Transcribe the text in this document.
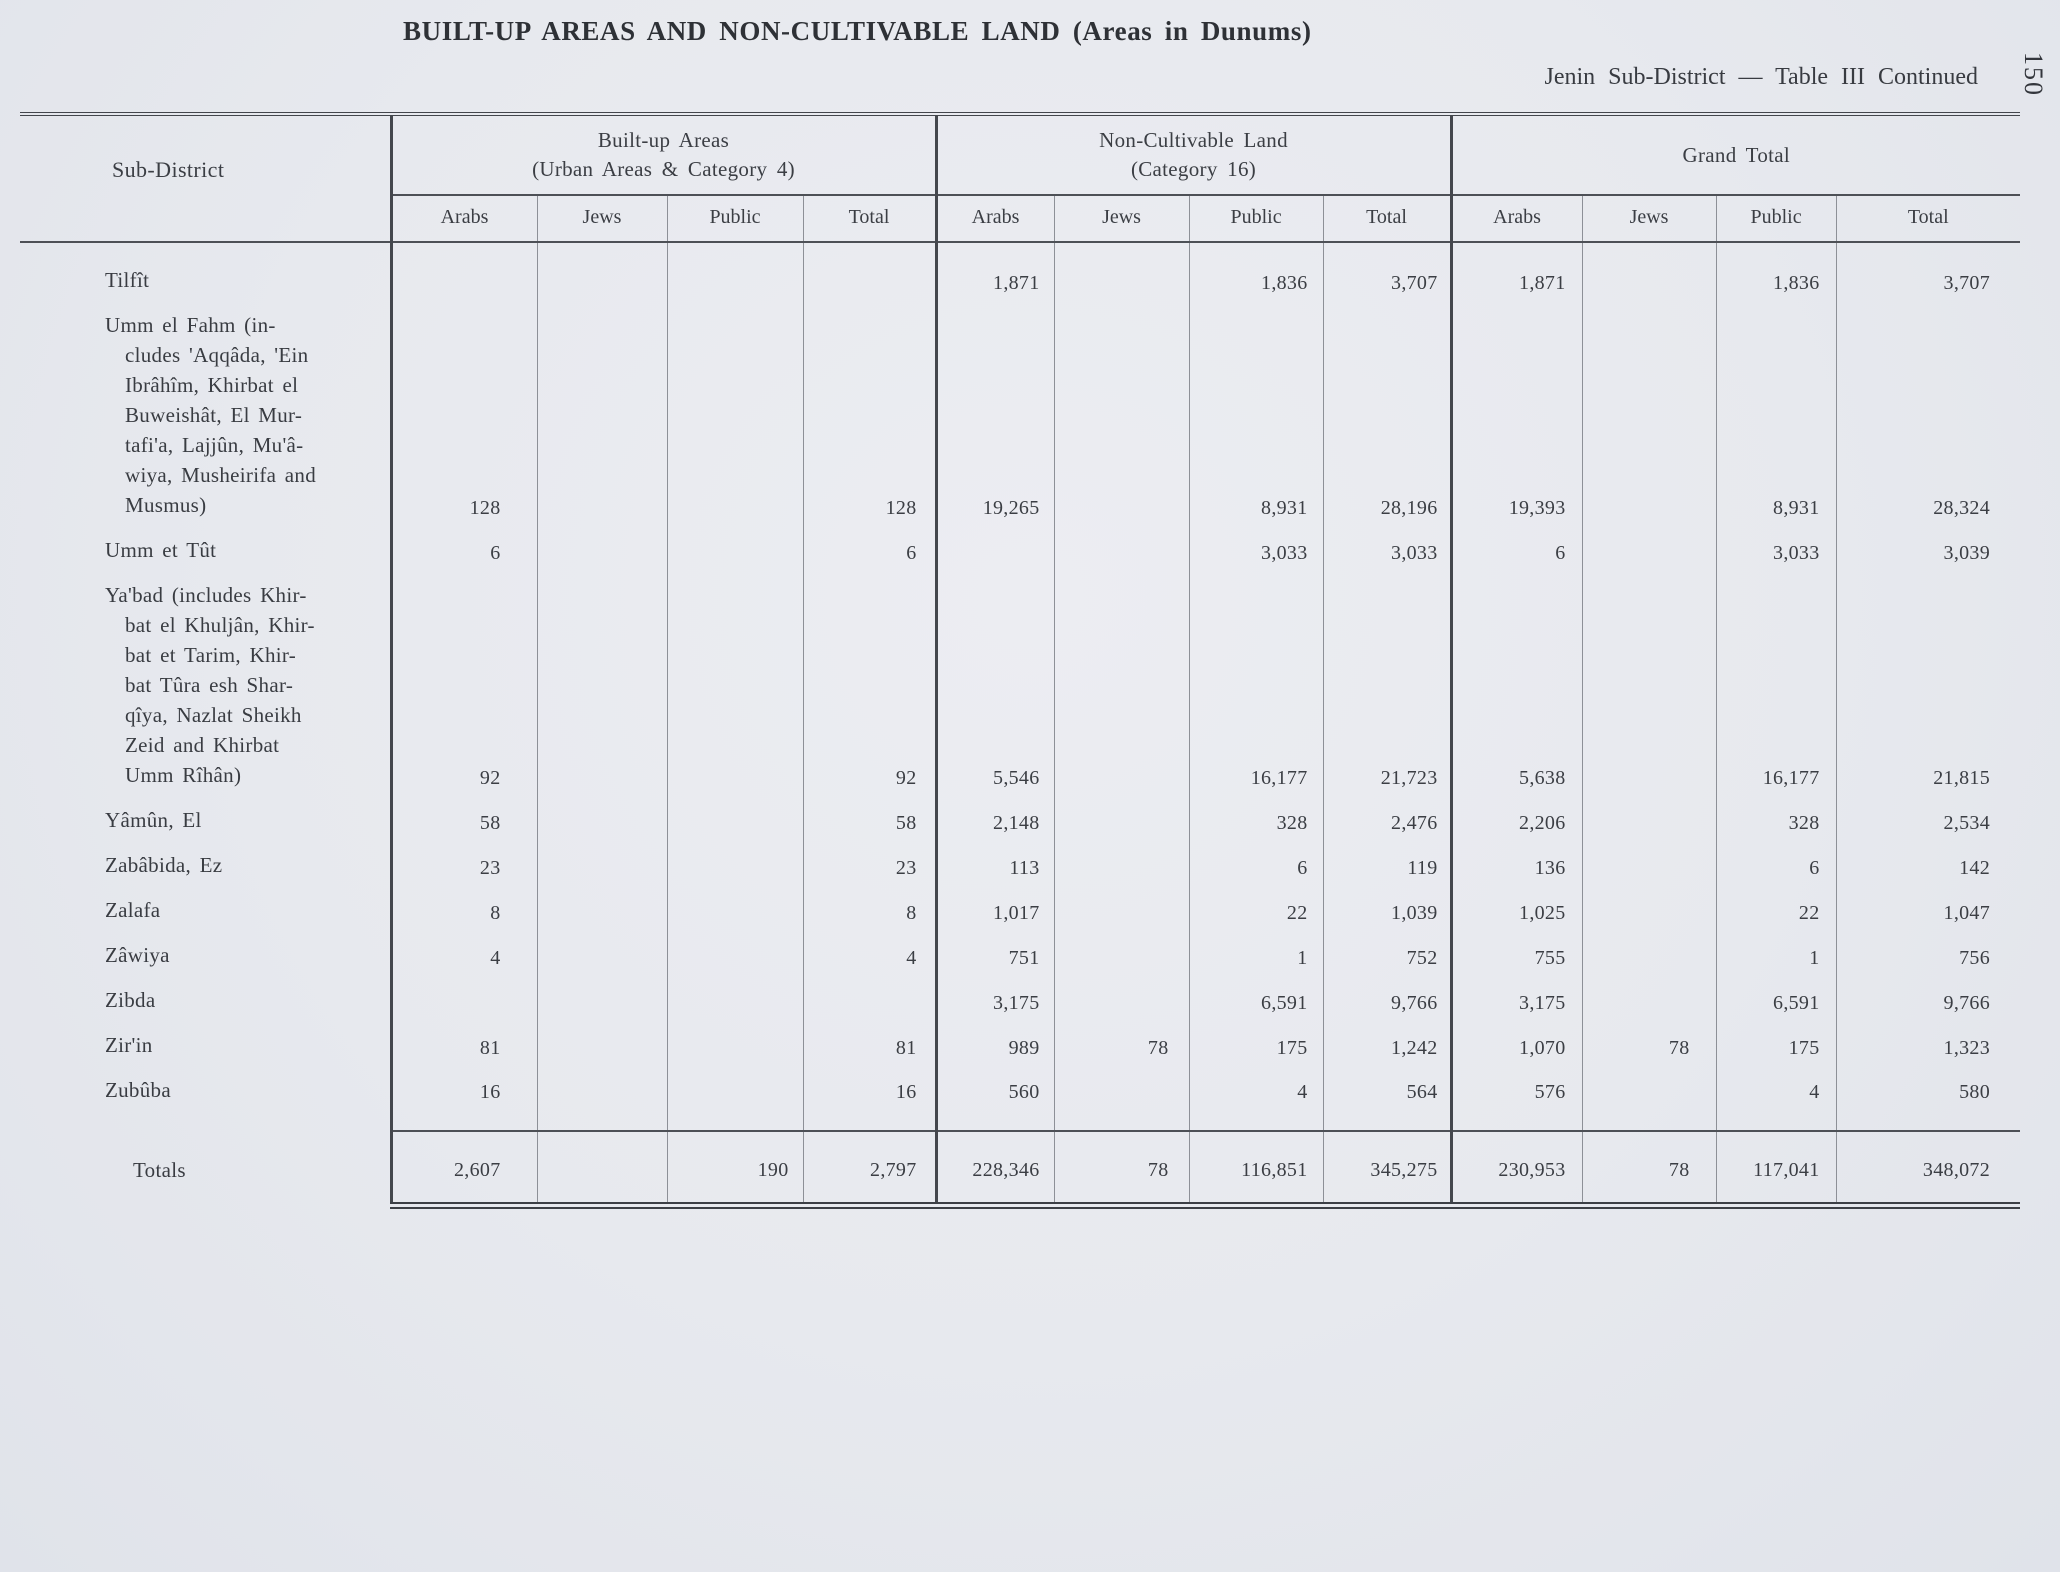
BUILT-UP AREAS AND NON-CULTIVABLE LAND (Areas in Dunums)
Jenin Sub-District — Table III Continued 150
Sub-District	
Built-up Areas
(Urban Areas & Category 4)

Non-Cultivable Land
(Category 16)

Grand Total

	Arabs	Jews	Public	Total	Arabs	Jews	Public	Total	Arabs	Jews	Public	Total

Tilfît					1,871		1,836	3,707	1,871		1,836	3,707

Umm el Fahm (in-
cludes 'Aqqâda, 'Ein
Ibrâhîm, Khirbat el
Buweishât, El Mur-
tafi'a, Lajjûn, Mu'â-
wiya, Musheirifa and
Musmus)	128			128	19,265		8,931	28,196	19,393		8,931	28,324

Umm et Tût	6			6			3,033	3,033	6		3,033	3,039

Ya'bad (includes Khir-
bat el Khuljân, Khir-
bat et Tarim, Khir-
bat Tûra esh Shar-
qîya, Nazlat Sheikh
Zeid and Khirbat
Umm Rîhân)	92			92	5,546		16,177	21,723	5,638		16,177	21,815

Yâmûn, El	58			58	2,148		328	2,476	2,206		328	2,534

Zabâbida, Ez	23			23	113		6	119	136		6	142

Zalafa	8			8	1,017		22	1,039	1,025		22	1,047

Zâwiya	4			4	751		1	752	755		1	756

Zibda					3,175		6,591	9,766	3,175		6,591	9,766

Zir'in	81			81	989	78	175	1,242	1,070	78	175	1,323

Zubûba	16			16	560		4	564	576		4	580

Totals	2,607		190	2,797	228,346	78	116,851	345,275	230,953	78	117,041	348,072
